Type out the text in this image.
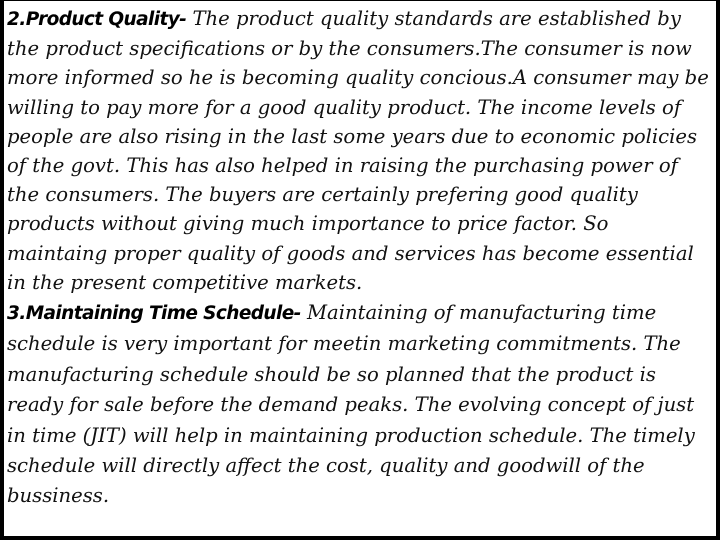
2.Product Quality- The product quality standards are established by the product specifications or by the consumers.The consumer is now more informed so he is becoming quality concious.A consumer may be willing to pay more for a good quality product. The income levels of people are also rising in the last some years due to economic policies of the govt. This has also helped in raising the purchasing power of the consumers. The buyers are certainly prefering good quality products without giving much importance to price factor. So maintaing proper quality of goods and services has become essential in the present competitive markets.

3.Maintaining Time Schedule- Maintaining of manufacturing time schedule is very important for meetin marketing commitments. The manufacturing schedule should be so planned that the product is ready for sale before the demand peaks. The evolving concept of just in time (JIT) will help in maintaining production schedule. The timely schedule will directly affect the cost, quality and goodwill of the bussiness.
